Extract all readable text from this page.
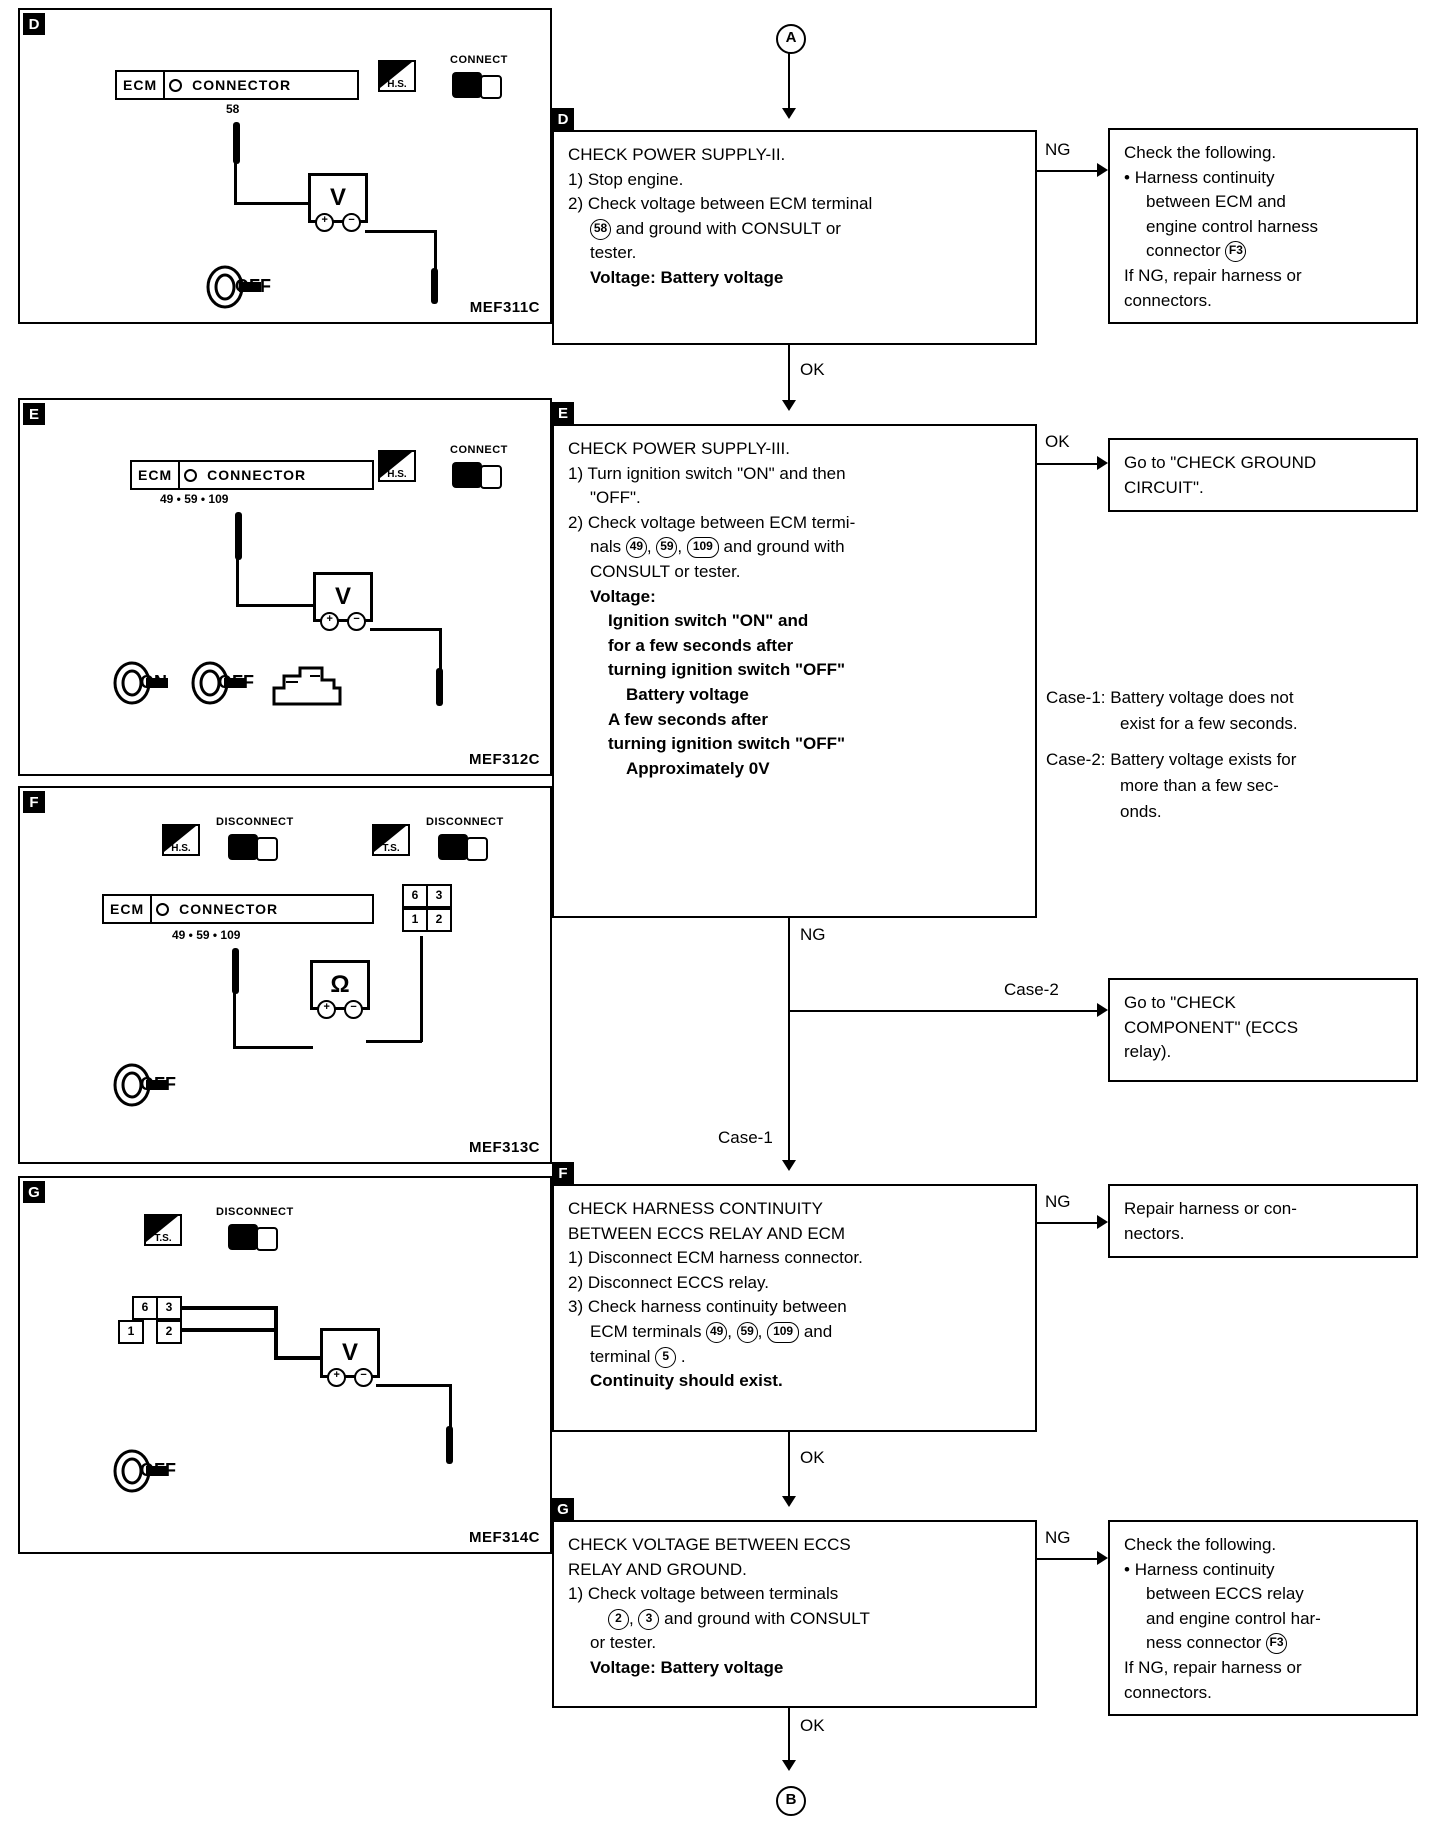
D
ECM	CONNECTOR
58
V
+	−
OFF
H.S.
CONNECT
MEF311C
E
ECM	CONNECTOR
49 • 59 • 109
V
+	−
ON	OFF
H.S.
CONNECT
MEF312C
F
H.S.
DISCONNECT
T.S.
DISCONNECT
ECM	CONNECTOR
49 • 59 • 109
6	3
1	2
Ω
+	−
OFF
MEF313C
G
T.S.
DISCONNECT
6	3
1	2
V
+	−
OFF
MEF314C
A
D

CHECK POWER SUPPLY-II.

1) Stop engine.

2) Check voltage between ECM terminal

58 and ground with CONSULT or

tester.

Voltage: Battery voltage

NG	Check the following.

• Harness continuity

between ECM and

engine control harness

connector F3

If NG, repair harness or

connectors.

OK
E

CHECK POWER SUPPLY-III.

1) Turn ignition switch "ON" and then

"OFF".

2) Check voltage between ECM termi-

nals 49 , 59 , 109 and ground with

CONSULT or tester.

Voltage:

Ignition switch "ON" and

for a few seconds after

turning ignition switch "OFF"

Battery voltage

A few seconds after

turning ignition switch "OFF"

Approximately 0V

OK

Go to "CHECK GROUND

CIRCUIT".

Case-1: Battery voltage does not
exist for a few seconds.
Case-2: Battery voltage exists for
more than a few sec-
onds.
NG
Case-2

Go to "CHECK

COMPONENT" (ECCS

relay).

Case-1
F

CHECK HARNESS CONTINUITY

BETWEEN ECCS RELAY AND ECM

1) Disconnect ECM harness connector.

2) Disconnect ECCS relay.

3) Check harness continuity between

ECM terminals 49 , 59 , 109 and

terminal 5 .

Continuity should exist.

NG	Repair harness or con-

nectors.

OK
G

CHECK VOLTAGE BETWEEN ECCS

RELAY AND GROUND.

1) Check voltage between terminals

2 , 3 and ground with CONSULT

or tester.

Voltage: Battery voltage

NG	Check the following.

• Harness continuity

between ECCS relay

and engine control har-

ness connector F3

If NG, repair harness or

connectors.

OK
B
